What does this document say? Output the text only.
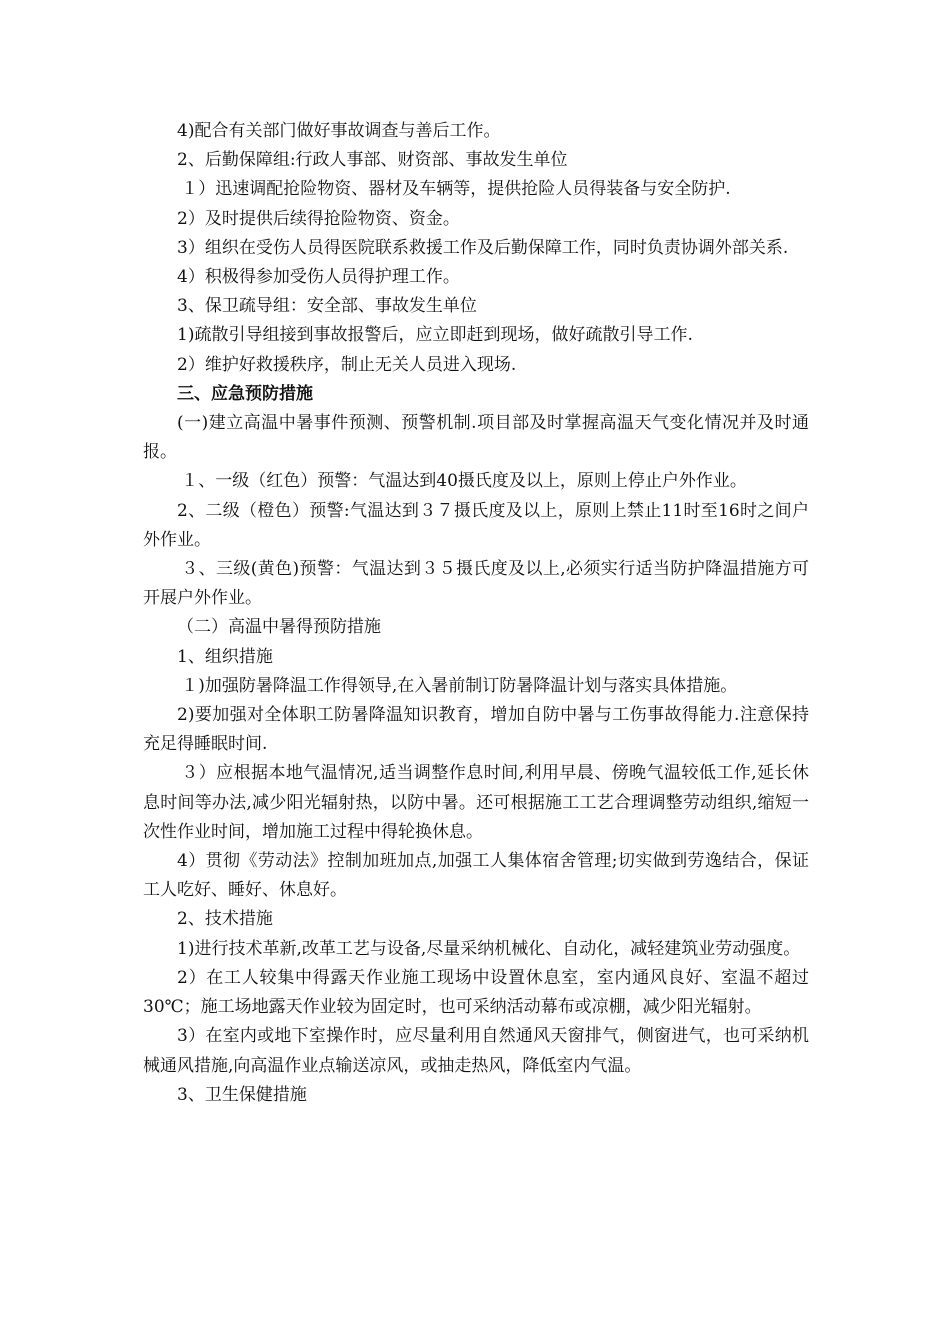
4)配合有关部门做好事故调查与善后工作。

2、后勤保障组:行政人事部、财资部、事故发生单位

１）迅速调配抢险物资、器材及车辆等，提供抢险人员得装备与安全防护.

2）及时提供后续得抢险物资、资金。

3）组织在受伤人员得医院联系救援工作及后勤保障工作，同时负责协调外部关系.

4）积极得参加受伤人员得护理工作。

3、保卫疏导组：安全部、事故发生单位

1)疏散引导组接到事故报警后，应立即赶到现场，做好疏散引导工作.

2）维护好救援秩序，制止无关人员进入现场.

三、应急预防措施

(一)建立高温中暑事件预测、预警机制.项目部及时掌握高温天气变化情况并及时通报。

１、一级（红色）预警：气温达到40摄氏度及以上，原则上停止户外作业。

2、二级（橙色）预警:气温达到３７摄氏度及以上，原则上禁止11时至16时之间户外作业。

３、三级(黄色)预警：气温达到３５摄氏度及以上,必须实行适当防护降温措施方可开展户外作业。

（二）高温中暑得预防措施

1、组织措施

１)加强防暑降温工作得领导,在入暑前制订防暑降温计划与落实具体措施。

2)要加强对全体职工防暑降温知识教育，增加自防中暑与工伤事故得能力.注意保持充足得睡眠时间.

３）应根据本地气温情况,适当调整作息时间,利用早晨、傍晚气温较低工作,延长休息时间等办法,减少阳光辐射热，以防中暑。还可根据施工工艺合理调整劳动组织,缩短一次性作业时间，增加施工过程中得轮换休息。

4）贯彻《劳动法》控制加班加点,加强工人集体宿舍管理;切实做到劳逸结合，保证工人吃好、睡好、休息好。

2、技术措施

1)进行技术革新,改革工艺与设备,尽量采纳机械化、自动化，减轻建筑业劳动强度。

2）在工人较集中得露天作业施工现场中设置休息室，室内通风良好、室温不超过30℃；施工场地露天作业较为固定时，也可采纳活动幕布或凉棚，减少阳光辐射。

3）在室内或地下室操作时，应尽量利用自然通风天窗排气，侧窗进气，也可采纳机械通风措施,向高温作业点输送凉风，或抽走热风，降低室内气温。

3、卫生保健措施
